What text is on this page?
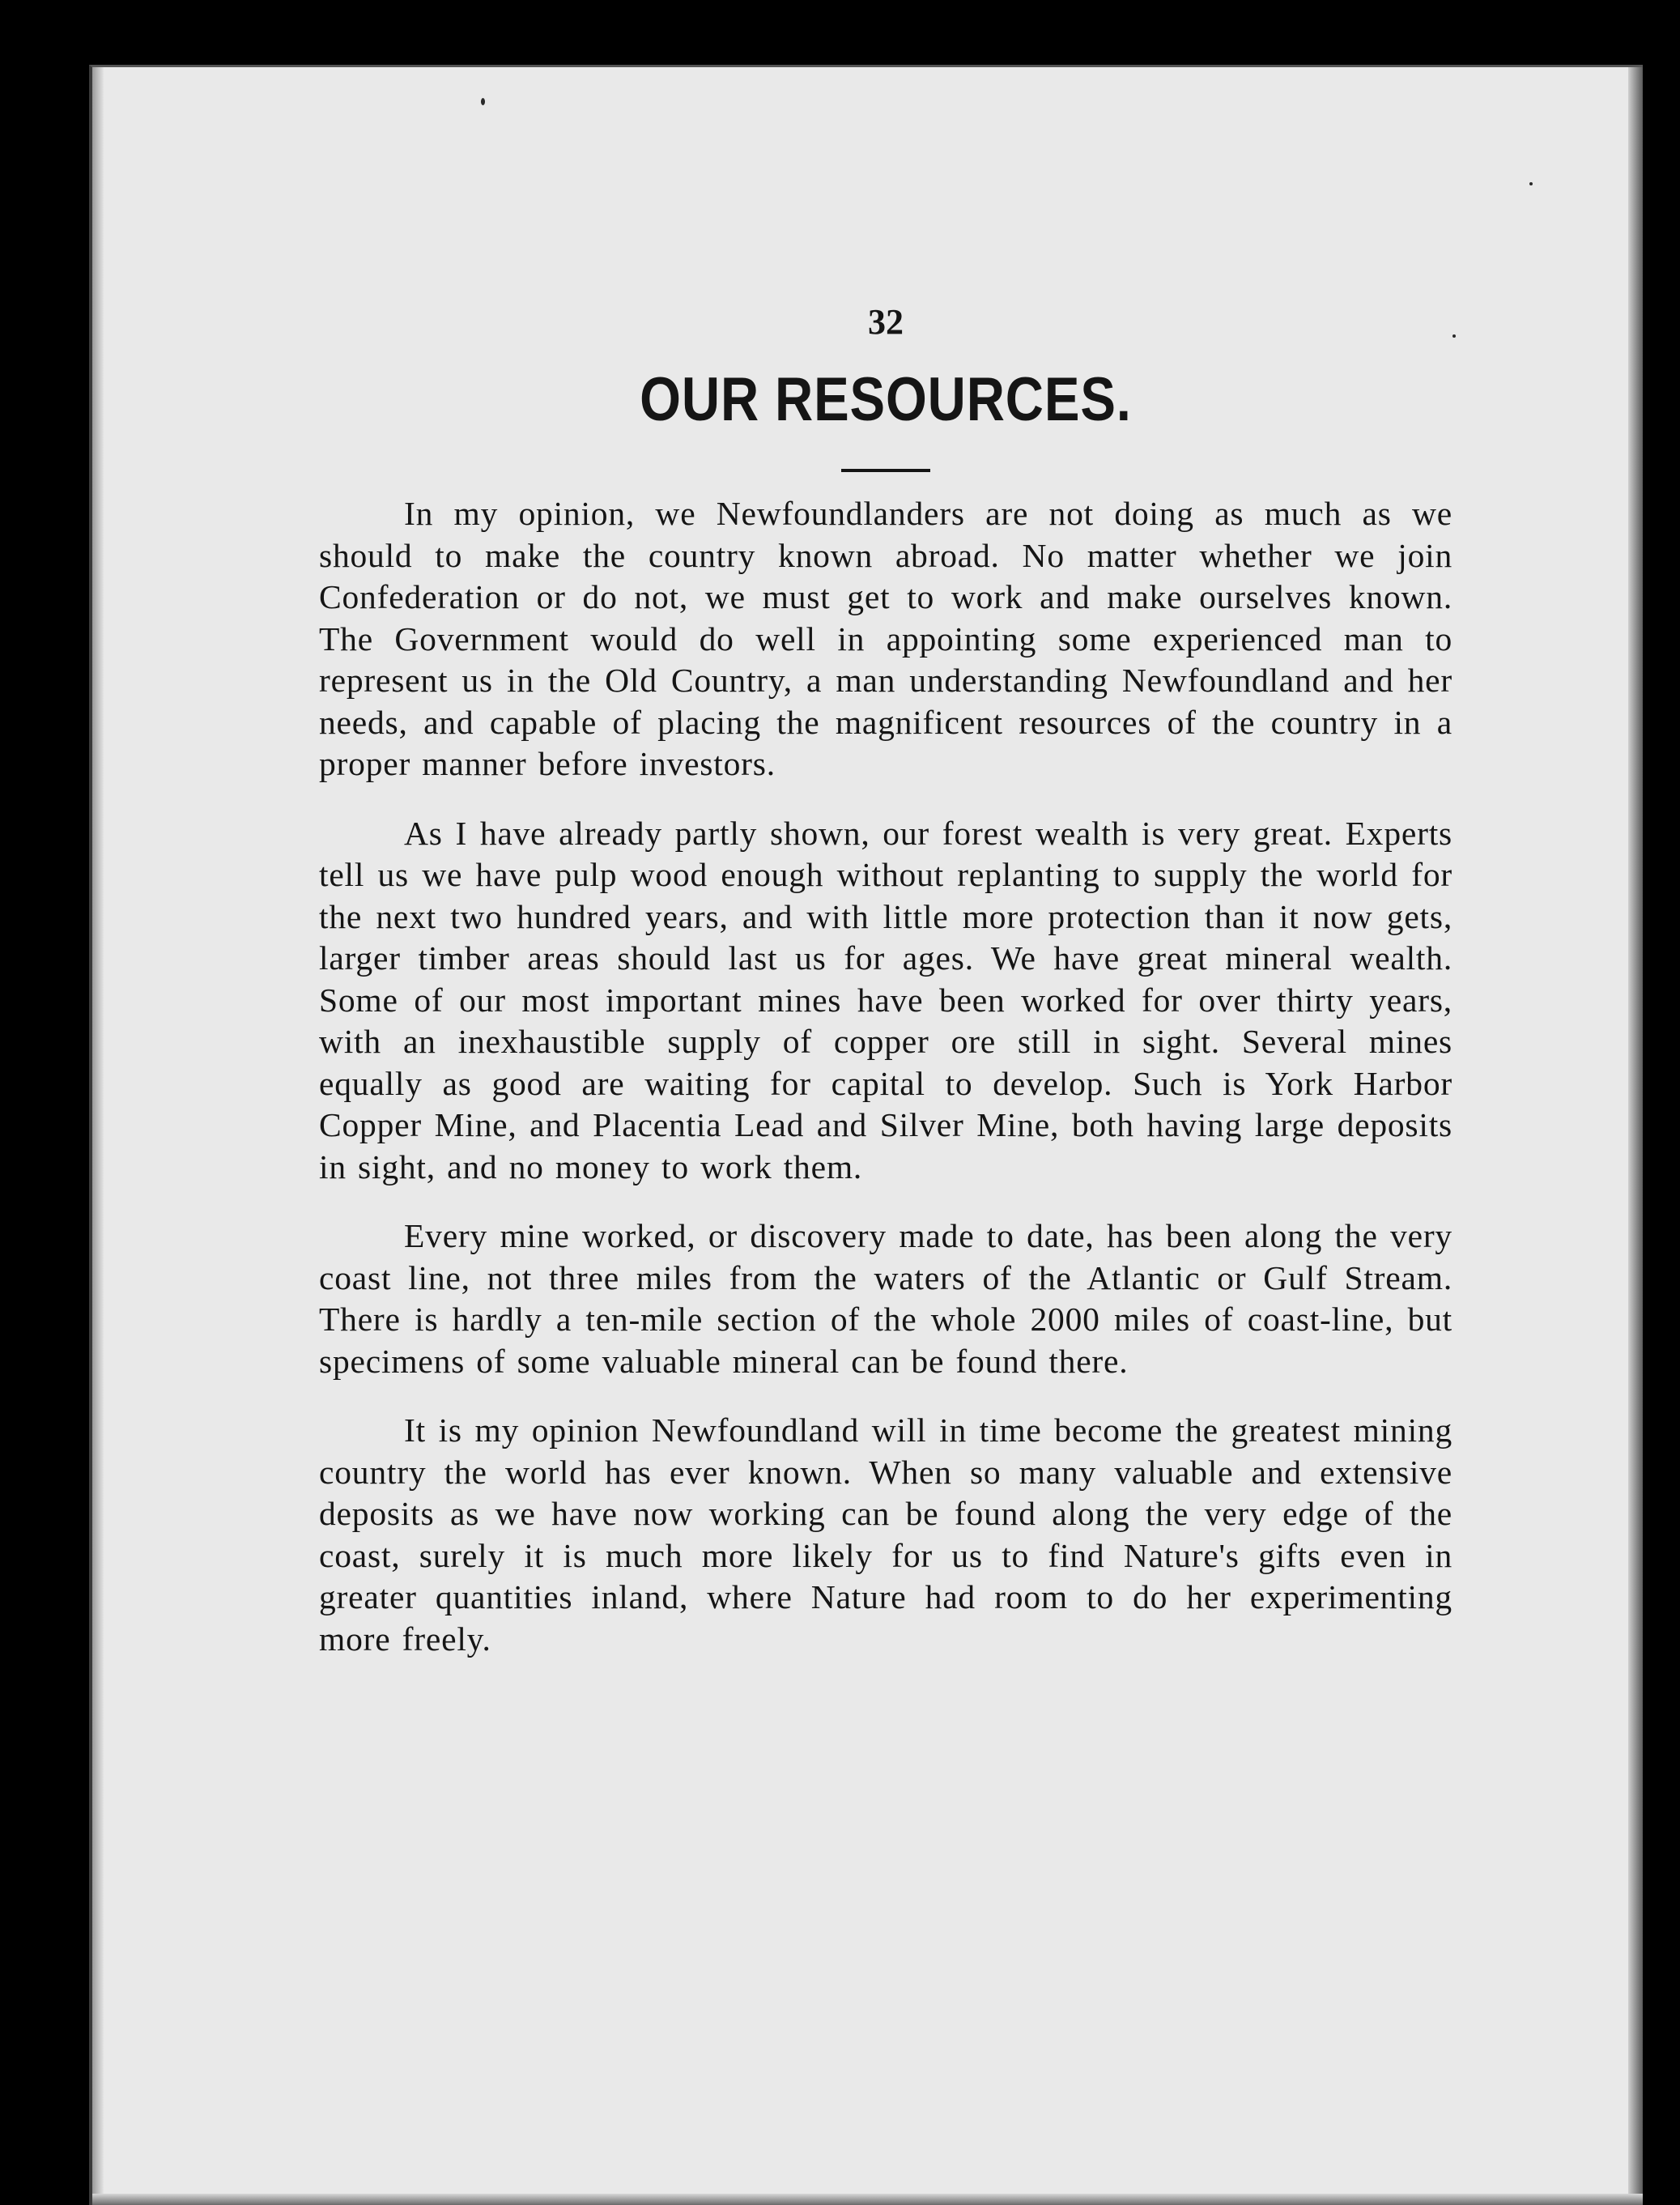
32

OUR RESOURCES.

In my opinion, we Newfoundlanders are not doing as much as we should to make the country known abroad. No matter whether we join Confederation or do not, we must get to work and make ourselves known. The Government would do well in appointing some experienced man to represent us in the Old Country, a man understanding Newfoundland and her needs, and capable of placing the magnificent resources of the country in a proper manner before investors.

As I have already partly shown, our forest wealth is very great. Experts tell us we have pulp wood enough without replanting to supply the world for the next two hundred years, and with little more protection than it now gets, larger timber areas should last us for ages. We have great mineral wealth. Some of our most important mines have been worked for over thirty years, with an inexhaustible supply of copper ore still in sight. Several mines equally as good are waiting for capital to develop. Such is York Harbor Copper Mine, and Placentia Lead and Silver Mine, both having large deposits in sight, and no money to work them.

Every mine worked, or discovery made to date, has been along the very coast line, not three miles from the waters of the Atlantic or Gulf Stream. There is hardly a ten-mile section of the whole 2000 miles of coast-line, but specimens of some valuable mineral can be found there.

It is my opinion Newfoundland will in time become the greatest mining country the world has ever known. When so many valuable and extensive deposits as we have now working can be found along the very edge of the coast, surely it is much more likely for us to find Nature's gifts even in greater quantities inland, where Nature had room to do her experimenting more freely.
